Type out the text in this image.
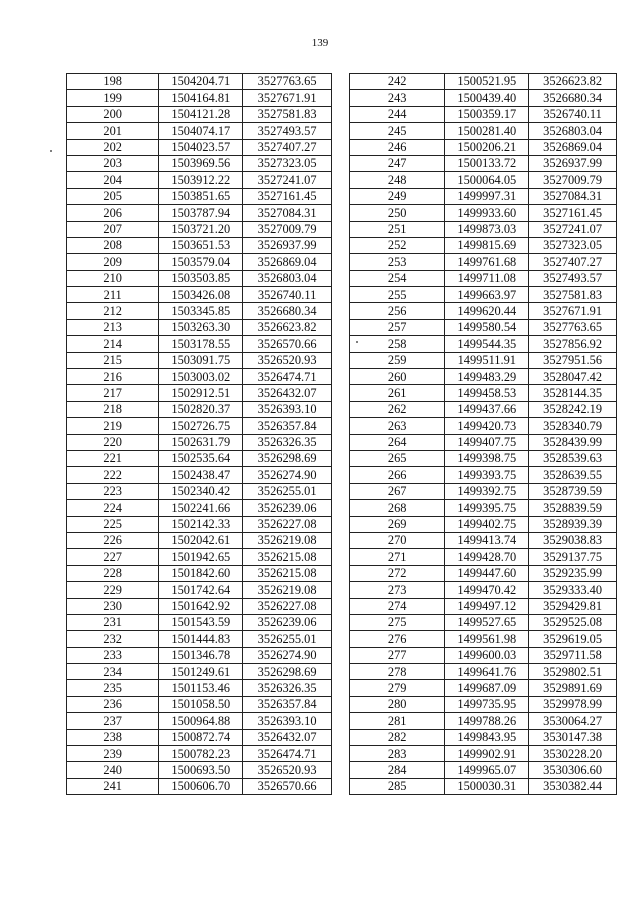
139
198	1504204.71	3527763.65
199	1504164.81	3527671.91
200	1504121.28	3527581.83
201	1504074.17	3527493.57
202	1504023.57	3527407.27
203	1503969.56	3527323.05
204	1503912.22	3527241.07
205	1503851.65	3527161.45
206	1503787.94	3527084.31
207	1503721.20	3527009.79
208	1503651.53	3526937.99
209	1503579.04	3526869.04
210	1503503.85	3526803.04
211	1503426.08	3526740.11
212	1503345.85	3526680.34
213	1503263.30	3526623.82
214	1503178.55	3526570.66
215	1503091.75	3526520.93
216	1503003.02	3526474.71
217	1502912.51	3526432.07
218	1502820.37	3526393.10
219	1502726.75	3526357.84
220	1502631.79	3526326.35
221	1502535.64	3526298.69
222	1502438.47	3526274.90
223	1502340.42	3526255.01
224	1502241.66	3526239.06
225	1502142.33	3526227.08
226	1502042.61	3526219.08
227	1501942.65	3526215.08
228	1501842.60	3526215.08
229	1501742.64	3526219.08
230	1501642.92	3526227.08
231	1501543.59	3526239.06
232	1501444.83	3526255.01
233	1501346.78	3526274.90
234	1501249.61	3526298.69
235	1501153.46	3526326.35
236	1501058.50	3526357.84
237	1500964.88	3526393.10
238	1500872.74	3526432.07
239	1500782.23	3526474.71
240	1500693.50	3526520.93
241	1500606.70	3526570.66
242	1500521.95	3526623.82
243	1500439.40	3526680.34
244	1500359.17	3526740.11
245	1500281.40	3526803.04
246	1500206.21	3526869.04
247	1500133.72	3526937.99
248	1500064.05	3527009.79
249	1499997.31	3527084.31
250	1499933.60	3527161.45
251	1499873.03	3527241.07
252	1499815.69	3527323.05
253	1499761.68	3527407.27
254	1499711.08	3527493.57
255	1499663.97	3527581.83
256	1499620.44	3527671.91
257	1499580.54	3527763.65
258	1499544.35	3527856.92
259	1499511.91	3527951.56
260	1499483.29	3528047.42
261	1499458.53	3528144.35
262	1499437.66	3528242.19
263	1499420.73	3528340.79
264	1499407.75	3528439.99
265	1499398.75	3528539.63
266	1499393.75	3528639.55
267	1499392.75	3528739.59
268	1499395.75	3528839.59
269	1499402.75	3528939.39
270	1499413.74	3529038.83
271	1499428.70	3529137.75
272	1499447.60	3529235.99
273	1499470.42	3529333.40
274	1499497.12	3529429.81
275	1499527.65	3529525.08
276	1499561.98	3529619.05
277	1499600.03	3529711.58
278	1499641.76	3529802.51
279	1499687.09	3529891.69
280	1499735.95	3529978.99
281	1499788.26	3530064.27
282	1499843.95	3530147.38
283	1499902.91	3530228.20
284	1499965.07	3530306.60
285	1500030.31	3530382.44
